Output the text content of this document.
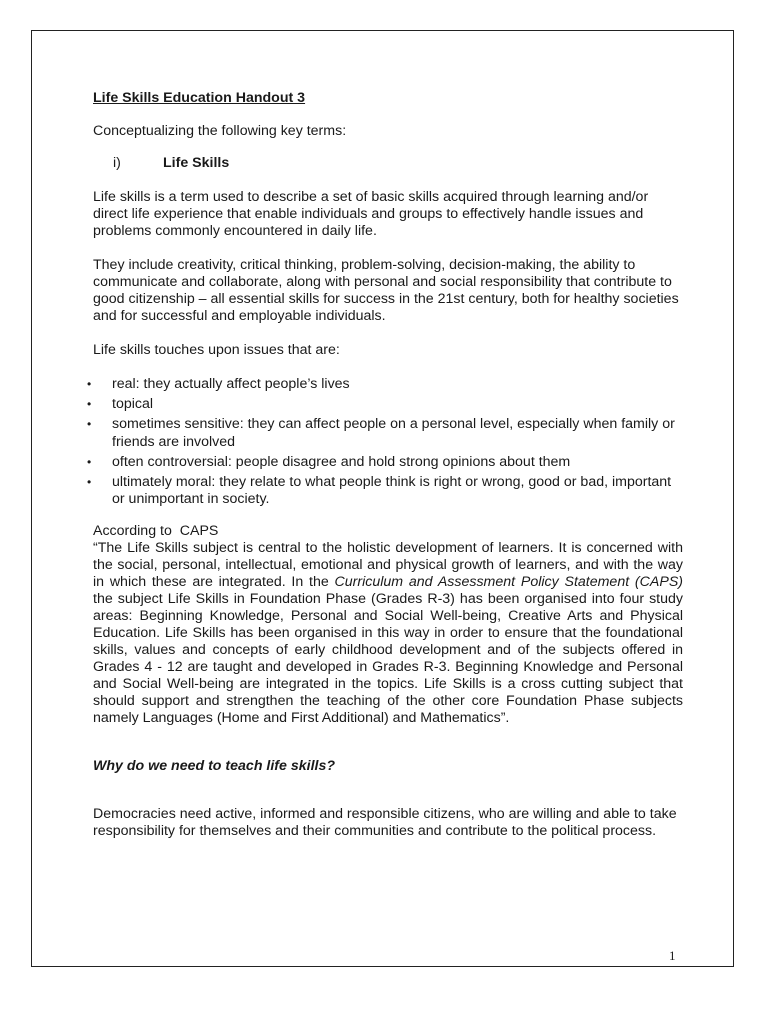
Life Skills Education Handout 3

Conceptualizing the following key terms:

i)	Life Skills

Life skills is a term used to describe a set of basic skills acquired through learning and/or direct life experience that enable individuals and groups to effectively handle issues and problems commonly encountered in daily life.

They include creativity, critical thinking, problem-solving, decision-making, the ability to communicate and collaborate, along with personal and social responsibility that contribute to good citizenship – all essential skills for success in the 21st century, both for healthy societies and for successful and employable individuals.

Life skills touches upon issues that are:

• real: they actually affect people’s lives
• topical
• sometimes sensitive: they can affect people on a personal level, especially when family or friends are involved
• often controversial: people disagree and hold strong opinions about them
• ultimately moral: they relate to what people think is right or wrong, good or bad, important or unimportant in society.
According to  CAPS

“The Life Skills subject is central to the holistic development of learners. It is concerned with the social, personal, intellectual, emotional and physical growth of learners, and with the way in which these are integrated. In the Curriculum and Assessment Policy Statement (CAPS) the subject Life Skills in Foundation Phase (Grades R-3) has been organised into four study areas: Beginning Knowledge, Personal and Social Well-being, Creative Arts and Physical Education. Life Skills has been organised in this way in order to ensure that the foundational skills, values and concepts of early childhood development and of the subjects offered in Grades 4 - 12 are taught and developed in Grades R-3. Beginning Knowledge and Personal and Social Well-being are integrated in the topics. Life Skills is a cross cutting subject that should support and strengthen the teaching of the other core Foundation Phase subjects namely Languages (Home and First Additional) and Mathematics”.

Why do we need to teach life skills?

Democracies need active, informed and responsible citizens, who are willing and able to take responsibility for themselves and their communities and contribute to the political process.

1
